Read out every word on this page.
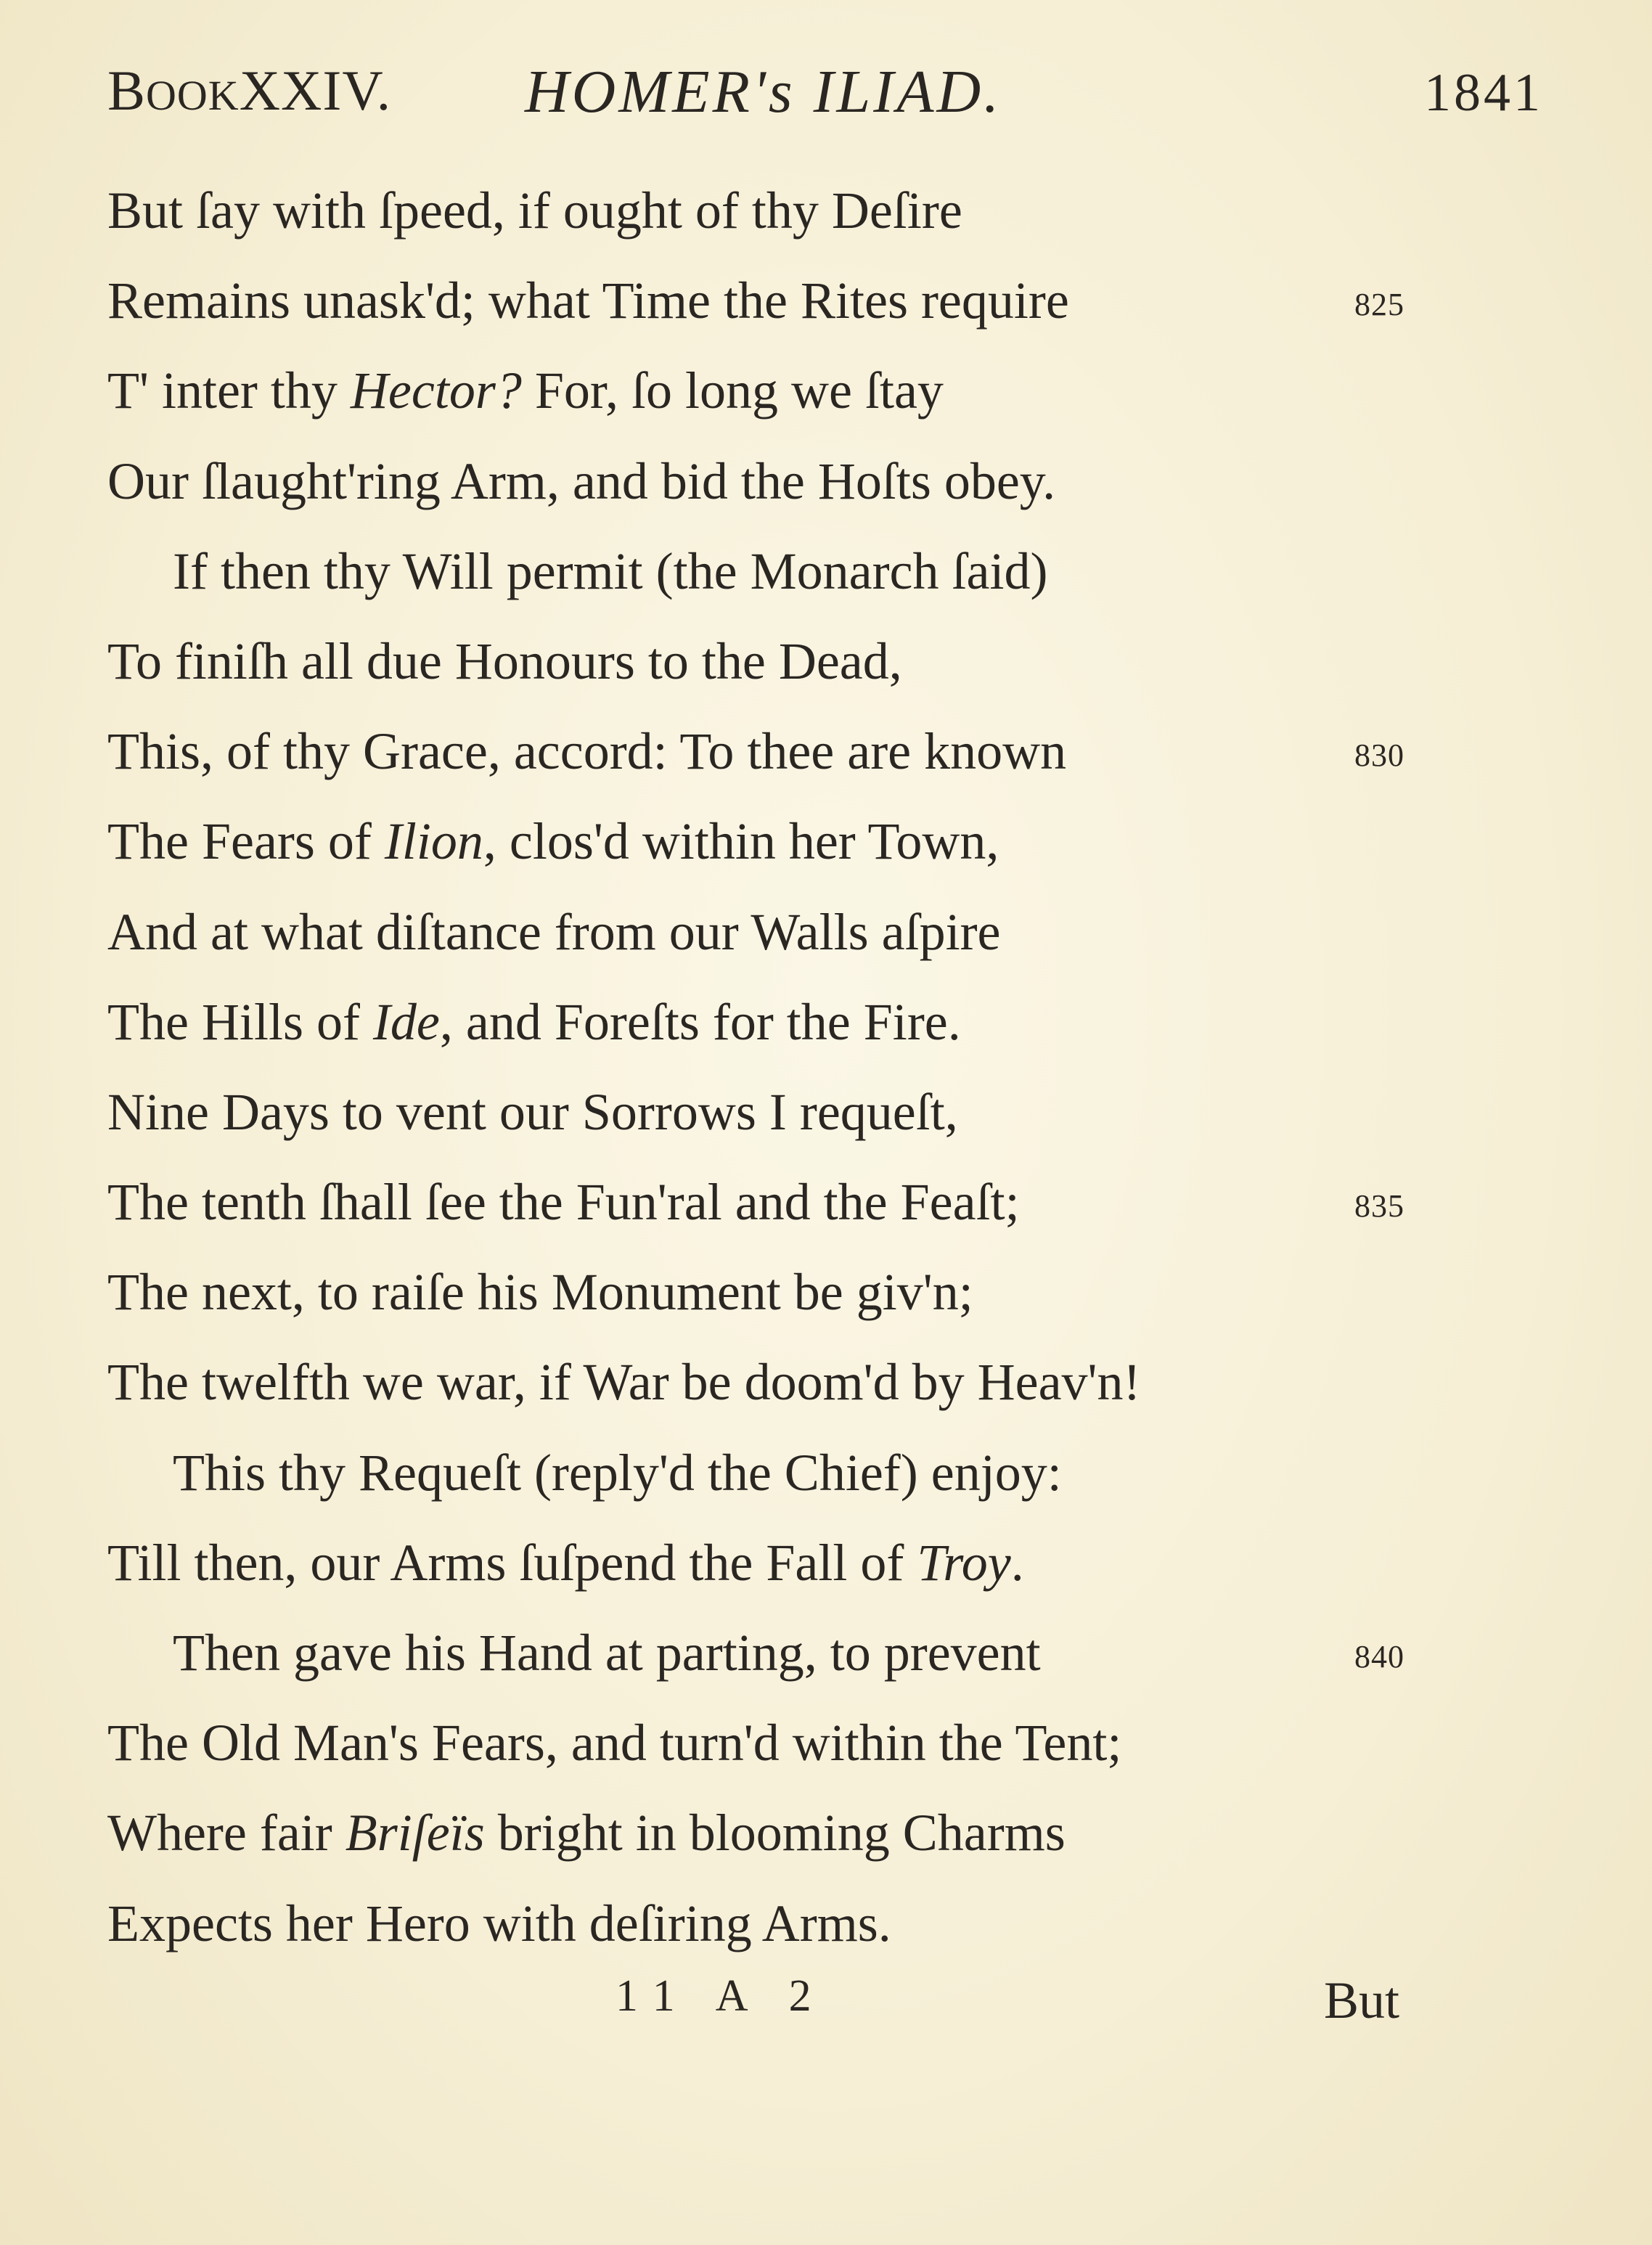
BOOKXXIV. HOMER's ILIAD.	1841
But ſay with ſpeed, if ought of thy Deſire
Remains unask'd; what Time the Rites require	825
T' inter thy Hector? For, ſo long we ſtay
Our ſlaught'ring Arm, and bid the Hoſts obey.
If then thy Will permit (the Monarch ſaid)
To finiſh all due Honours to the Dead,
This, of thy Grace, accord: To thee are known	830
The Fears of Ilion, clos'd within her Town,
And at what diſtance from our Walls aſpire
The Hills of Ide, and Foreſts for the Fire.
Nine Days to vent our Sorrows I requeſt,
The tenth ſhall ſee the Fun'ral and the Feaſt;	835
The next, to raiſe his Monument be giv'n;
The twelfth we war, if War be doom'd by Heav'n!
This thy Requeſt (reply'd the Chief) enjoy:
Till then, our Arms ſuſpend the Fall of Troy.
Then gave his Hand at parting, to prevent	840
The Old Man's Fears, and turn'd within the Tent;
Where fair Briſeïs bright in blooming Charms
Expects her Hero with deſiring Arms.
11 A 2	But
